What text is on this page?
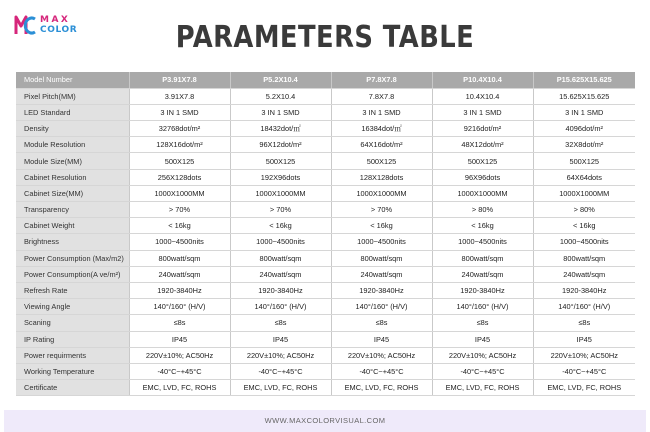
MC
MAX
COLOR	PARAMETERS TABLE
Model Number	P3.91X7.8	P5.2X10.4	P7.8X7.8	P10.4X10.4	P15.625X15.625
Pixel Pitch(MM)	3.91X7.8	5.2X10.4	7.8X7.8	10.4X10.4	15.625X15.625
LED Standard	3 IN 1 SMD	3 IN 1 SMD	3 IN 1 SMD	3 IN 1 SMD	3 IN 1 SMD
Density	32768dot/m²	18432dot/㎡	16384dot/㎡	9216dot/m²	4096dot/m²
Module Resolution	128X16dot/m²	96X12dot/m²	64X16dot/m²	48X12dot/m²	32X8dot/m²
Module Size(MM)	500X125	500X125	500X125	500X125	500X125
Cabinet Resolution	256X128dots	192X96dots	128X128dots	96X96dots	64X64dots
Cabinet Size(MM)	1000X1000MM	1000X1000MM	1000X1000MM	1000X1000MM	1000X1000MM
Transparency	> 70%	> 70%	> 70%	> 80%	> 80%
Cabinet Weight	< 16kg	< 16kg	< 16kg	< 16kg	< 16kg
Brightness	1000~4500nits	1000~4500nits	1000~4500nits	1000~4500nits	1000~4500nits
Power Consumption (Max/m2)	800watt/sqm	800watt/sqm	800watt/sqm	800watt/sqm	800watt/sqm
Power Consumption(A ve/m²)	240watt/sqm	240watt/sqm	240watt/sqm	240watt/sqm	240watt/sqm
Refresh Rate	1920-3840Hz	1920-3840Hz	1920-3840Hz	1920-3840Hz	1920-3840Hz
Viewing Angle	140°/160° (H/V)	140°/160° (H/V)	140°/160° (H/V)	140°/160° (H/V)	140°/160° (H/V)
Scaning	≤8s	≤8s	≤8s	≤8s	≤8s
IP Rating	IP45	IP45	IP45	IP45	IP45
Power requirments	220V±10%; AC50Hz	220V±10%; AC50Hz	220V±10%; AC50Hz	220V±10%; AC50Hz	220V±10%; AC50Hz
Working Temperature	-40°C~+45°C	-40°C~+45°C	-40°C~+45°C	-40°C~+45°C	-40°C~+45°C
Certificate	EMC, LVD, FC, ROHS	EMC, LVD, FC, ROHS	EMC, LVD, FC, ROHS	EMC, LVD, FC, ROHS	EMC, LVD, FC, ROHS
WWW.MAXCOLORVISUAL.COM
